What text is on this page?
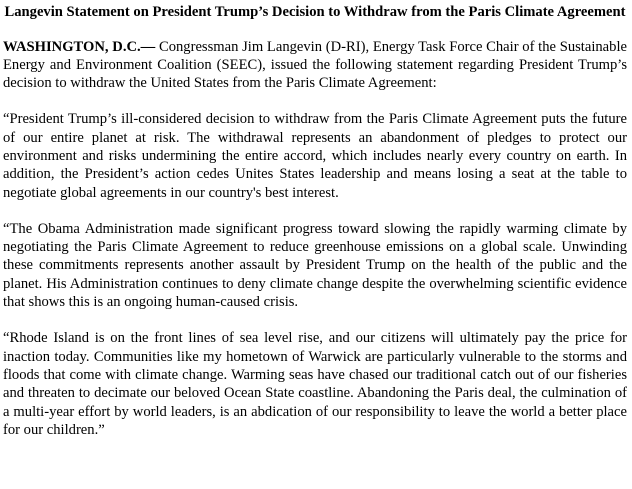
Langevin Statement on President Trump’s Decision to Withdraw from the Paris Climate Agreement

WASHINGTON, D.C.— Congressman Jim Langevin (D-RI), Energy Task Force Chair of the Sustainable Energy and Environment Coalition (SEEC), issued the following statement regarding President Trump’s decision to withdraw the United States from the Paris Climate Agreement:

“President Trump’s ill-considered decision to withdraw from the Paris Climate Agreement puts the future of our entire planet at risk. The withdrawal represents an abandonment of pledges to protect our environment and risks undermining the entire accord, which includes nearly every country on earth. In addition, the President’s action cedes Unites States leadership and means losing a seat at the table to negotiate global agreements in our country's best interest.

“The Obama Administration made significant progress toward slowing the rapidly warming climate by negotiating the Paris Climate Agreement to reduce greenhouse emissions on a global scale. Unwinding these commitments represents another assault by President Trump on the health of the public and the planet. His Administration continues to deny climate change despite the overwhelming scientific evidence that shows this is an ongoing human-caused crisis.

“Rhode Island is on the front lines of sea level rise, and our citizens will ultimately pay the price for inaction today. Communities like my hometown of Warwick are particularly vulnerable to the storms and floods that come with climate change. Warming seas have chased our traditional catch out of our fisheries and threaten to decimate our beloved Ocean State coastline. Abandoning the Paris deal, the culmination of a multi-year effort by world leaders, is an abdication of our responsibility to leave the world a better place for our children.”
